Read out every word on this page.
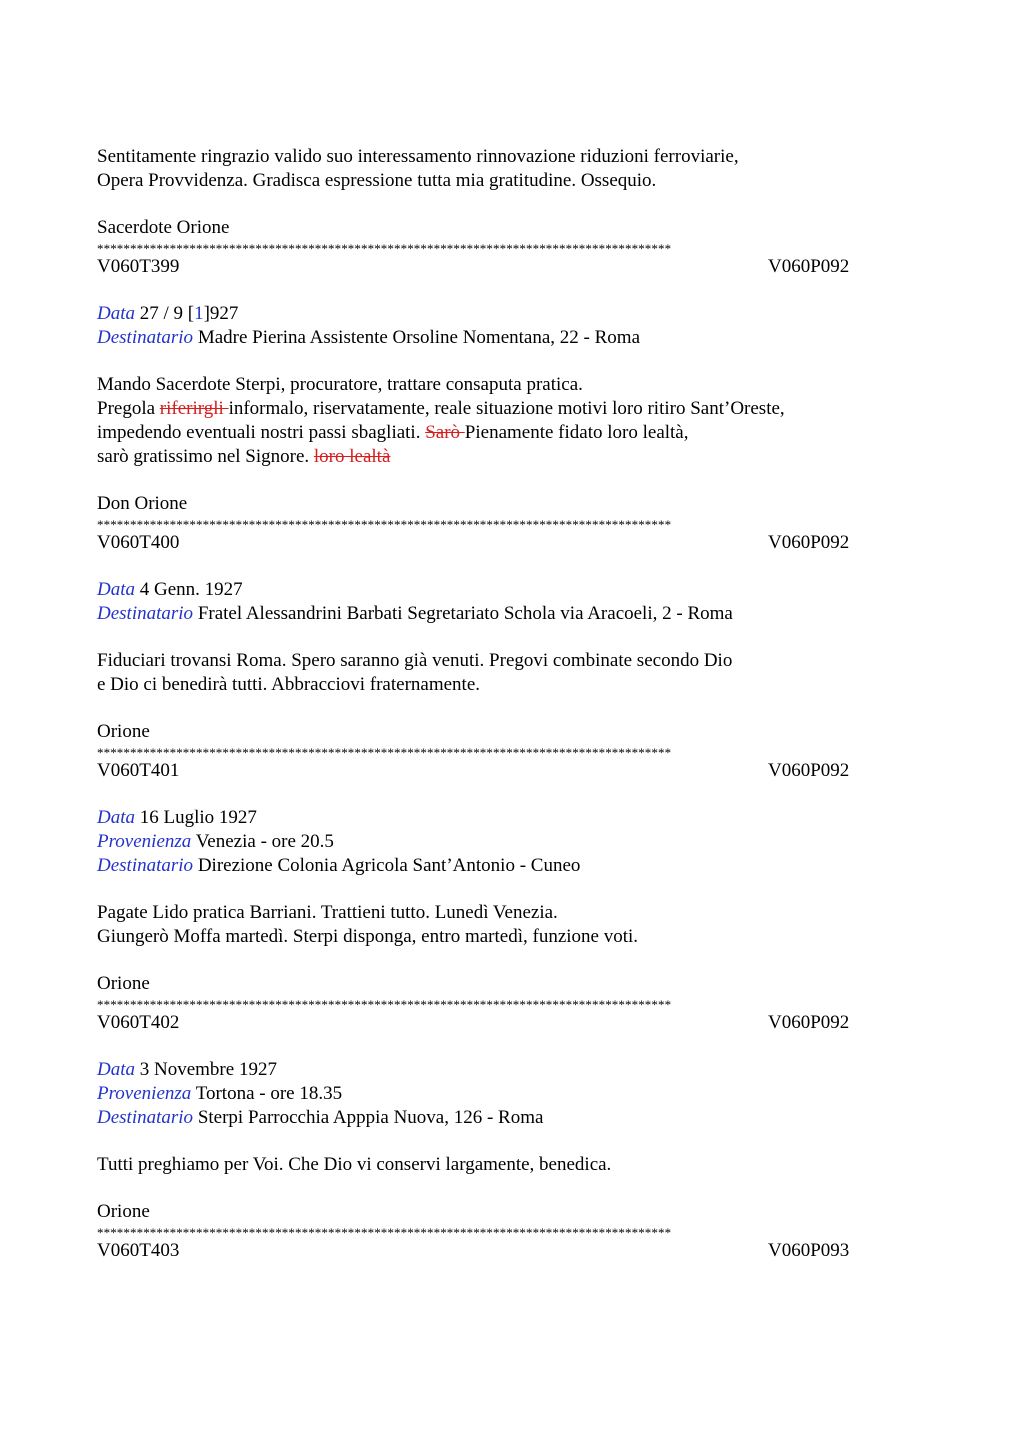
Sentitamente ringrazio valido suo interessamento rinnovazione riduzioni ferroviarie,
Opera Provvidenza. Gradisca espressione tutta mia gratitudine. Ossequio.
Sacerdote Orione
***************************************************************************************
V060T399	V060P092
Data 27 / 9 [1]927
Destinatario Madre Pierina Assistente Orsoline Nomentana, 22 - Roma
Mando Sacerdote Sterpi, procuratore, trattare consaputa pratica.
Pregola riferirgli informalo, riservatamente, reale situazione motivi loro ritiro Sant’Oreste,
impedendo eventuali nostri passi sbagliati. Sarò Pienamente fidato loro lealtà,
sarò gratissimo nel Signore. loro lealtà
Don Orione
***************************************************************************************
V060T400	V060P092
Data 4 Genn. 1927
Destinatario Fratel Alessandrini Barbati Segretariato Schola via Aracoeli, 2 - Roma
Fiduciari trovansi Roma. Spero saranno già venuti. Pregovi combinate secondo Dio
e Dio ci benedirà tutti. Abbracciovi fraternamente.
Orione
***************************************************************************************
V060T401	V060P092
Data 16 Luglio 1927
Provenienza Venezia - ore 20.5
Destinatario Direzione Colonia Agricola Sant’Antonio - Cuneo
Pagate Lido pratica Barriani. Trattieni tutto. Lunedì Venezia.
Giungerò Moffa martedì. Sterpi disponga, entro martedì, funzione voti.
Orione
***************************************************************************************
V060T402	V060P092
Data 3 Novembre 1927
Provenienza Tortona - ore 18.35
Destinatario Sterpi Parrocchia Apppia Nuova, 126 - Roma
Tutti preghiamo per Voi. Che Dio vi conservi largamente, benedica.
Orione
***************************************************************************************
V060T403	V060P093
